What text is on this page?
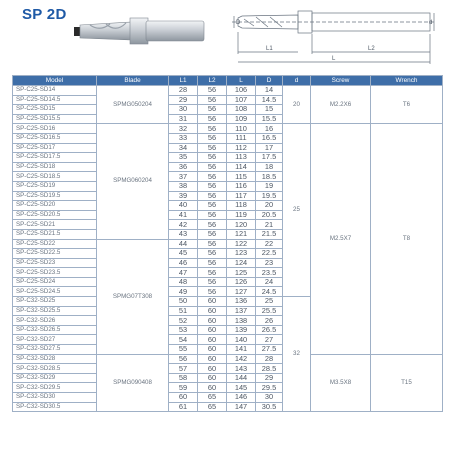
SP 2D	D
L1	L2
L
d
Model	Blade	L1	L2	L	D	d	Screw	Wrench
SP-C25-SD14	SPMG050204	28	56	106	14	20	M2.2X6	T6
SP-C25-SD14.5		29	56	107	14.5			
SP-C25-SD15		30	56	108	15			
SP-C25-SD15.5		31	56	109	15.5			
SP-C25-SD16	SPMG060204	32	56	110	16	25	M2.5X7	T8
SP-C25-SD16.5		33	56	111	16.5			
SP-C25-SD17		34	56	112	17			
SP-C25-SD17.5		35	56	113	17.5			
SP-C25-SD18		36	56	114	18			
SP-C25-SD18.5		37	56	115	18.5			
SP-C25-SD19		38	56	116	19			
SP-C25-SD19.5		39	56	117	19.5			
SP-C25-SD20		40	56	118	20			
SP-C25-SD20.5		41	56	119	20.5			
SP-C25-SD21		42	56	120	21			
SP-C25-SD21.5		43	56	121	21.5			
SP-C25-SD22	SPMG07T308	44	56	122	22			
SP-C25-SD22.5		45	56	123	22.5			
SP-C25-SD23		46	56	124	23			
SP-C25-SD23.5		47	56	125	23.5			
SP-C25-SD24		48	56	126	24			
SP-C25-SD24.5		49	56	127	24.5			
SP-C32-SD25		50	60	136	25	32		
SP-C32-SD25.5		51	60	137	25.5			
SP-C32-SD26		52	60	138	26			
SP-C32-SD26.5		53	60	139	26.5			
SP-C32-SD27		54	60	140	27			
SP-C32-SD27.5		55	60	141	27.5			
SP-C32-SD28	SPMG090408	56	60	142	28		M3.5X8	T15
SP-C32-SD28.5		57	60	143	28.5			
SP-C32-SD29		58	60	144	29			
SP-C32-SD29.5		59	60	145	29.5			
SP-C32-SD30		60	65	146	30			
SP-C32-SD30.5		61	65	147	30.5			
